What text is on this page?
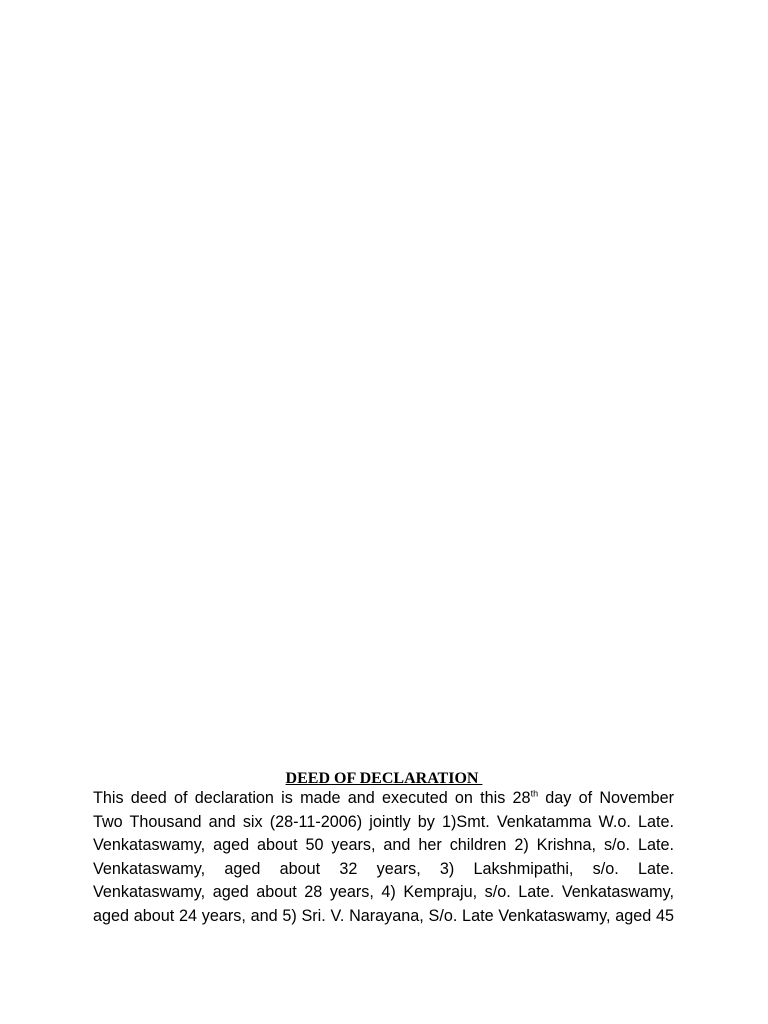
DEED OF DECLARATION
This deed of declaration is made and executed on this 28th day of November
Two Thousand and six (28-11-2006) jointly by 1)Smt. Venkatamma W.o. Late.
Venkataswamy, aged about 50 years, and her children 2) Krishna, s/o. Late.
Venkataswamy, aged about 32 years, 3) Lakshmipathi, s/o. Late.
Venkataswamy, aged about 28 years, 4) Kempraju, s/o. Late. Venkataswamy,
aged about 24 years, and 5) Sri. V. Narayana, S/o. Late Venkataswamy, aged 45
